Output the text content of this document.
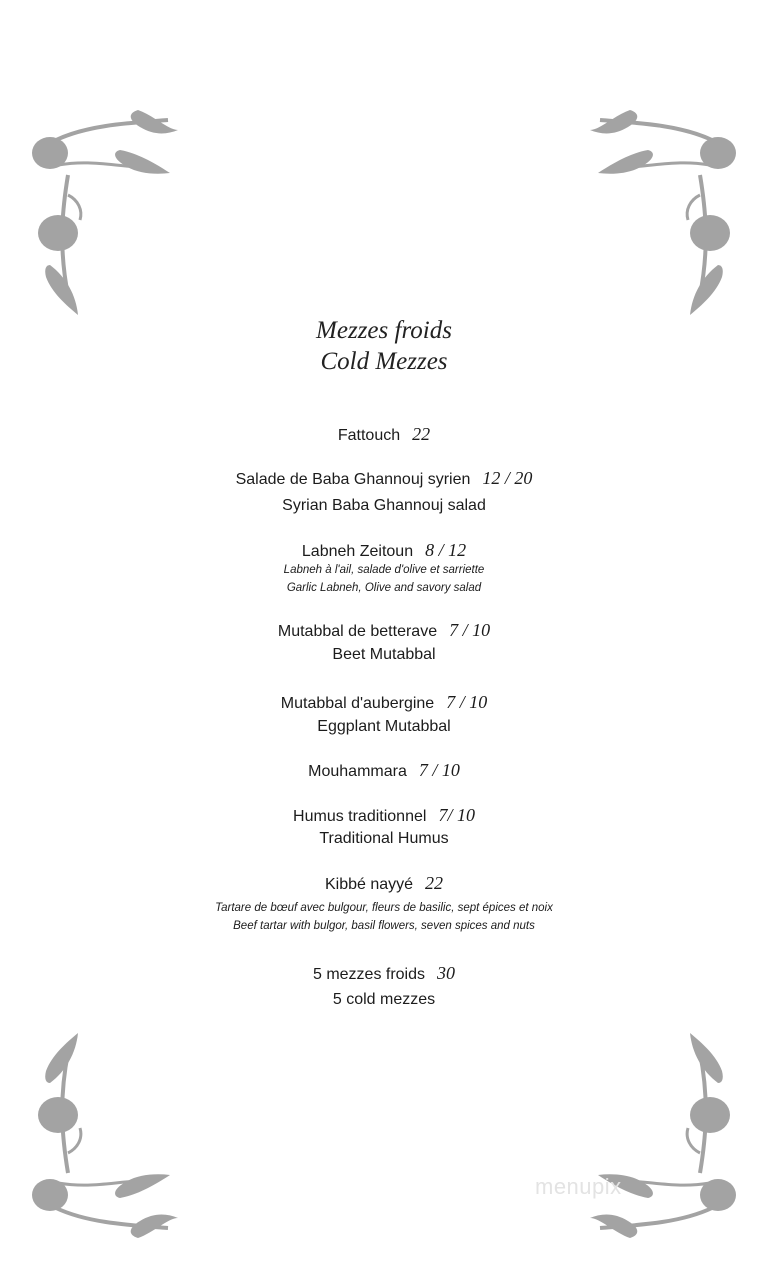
Mezzes froids
Cold Mezzes
Fattouch 22
Salade de Baba Ghannouj syrien 12 / 20
Syrian Baba Ghannouj salad
Labneh Zeitoun 8 / 12
Labneh à l'ail, salade d'olive et sarriette
Garlic Labneh, Olive and savory salad
Mutabbal de betterave 7 / 10
Beet Mutabbal
Mutabbal d'aubergine 7 / 10
Eggplant Mutabbal
Mouhammara 7 / 10
Humus traditionnel 7/ 10
Traditional Humus
Kibbé nayyé 22
Tartare de bœuf avec bulgour, fleurs de basilic, sept épices et noix
Beef tartar with bulgor, basil flowers, seven spices and nuts
5 mezzes froids 30
5 cold mezzes
menupix
